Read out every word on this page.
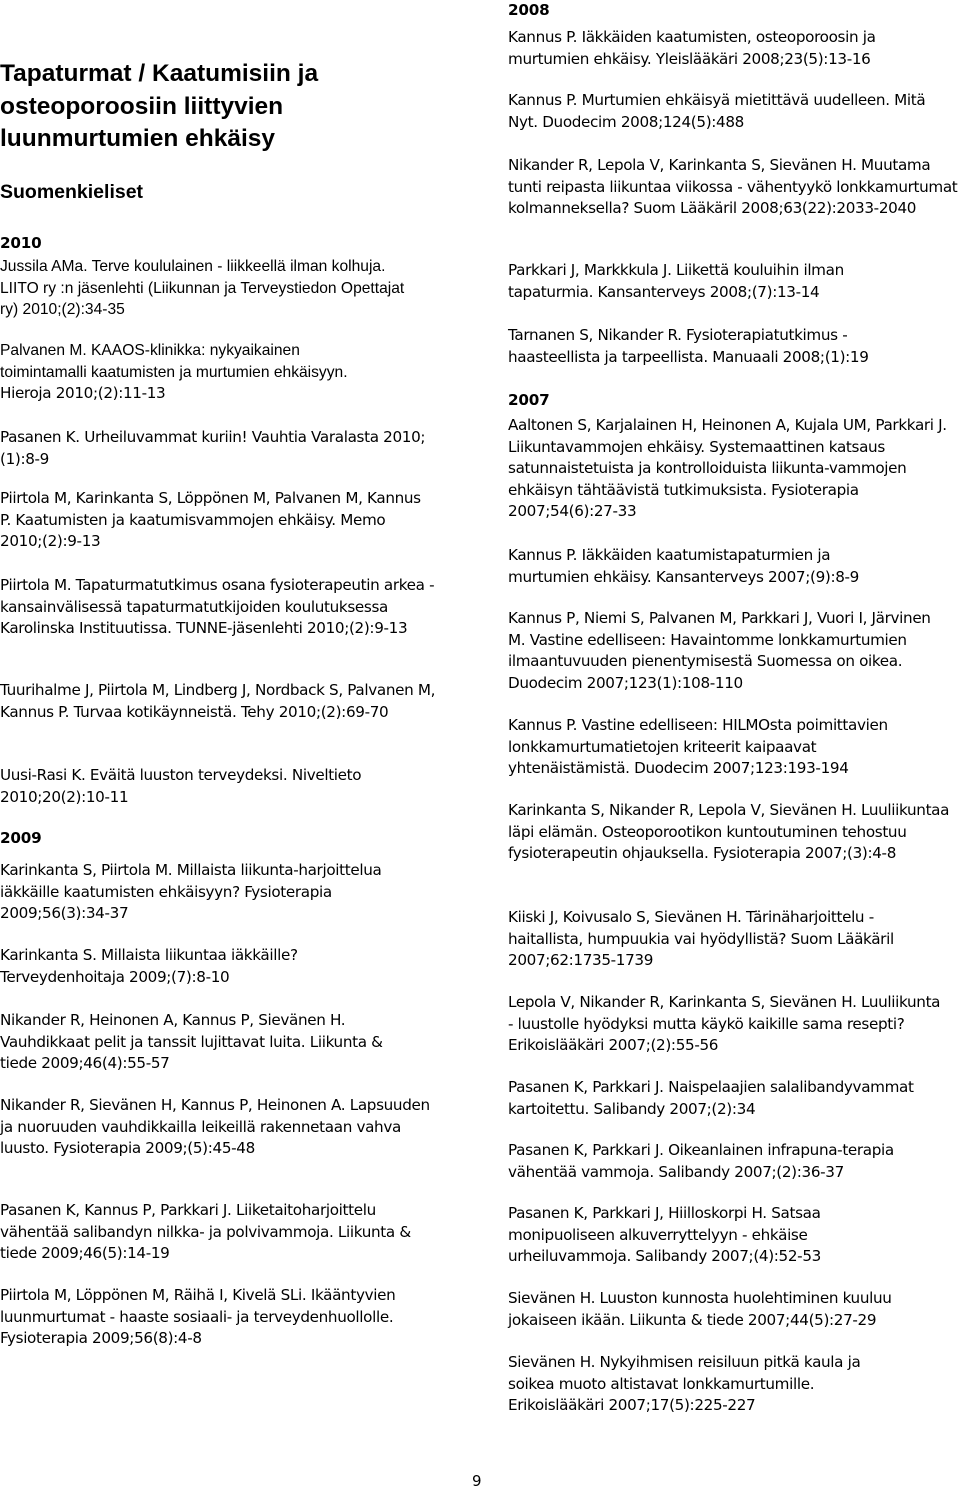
Tapaturmat / Kaatumisiin ja osteoporoosiin liittyvien luunmurtumien ehkäisy
Suomenkieliset
2010

Jussila AMa. Terve koululainen - liikkeellä ilman kolhuja. LIITO ry :n jäsenlehti (Liikunnan ja Terveystiedon Opettajat ry) 2010;(2):34-35

Palvanen M. KAAOS-klinikka: nykyaikainen toimintamalli kaatumisten ja murtumien ehkäisyyn. Hieroja 2010;(2):11-13

Pasanen K. Urheiluvammat kuriin! Vauhtia Varalasta 2010;(1):8-9

Piirtola M, Karinkanta S, Löppönen M, Palvanen M, Kannus P. Kaatumisten ja kaatumisvammojen ehkäisy. Memo 2010;(2):9-13

Piirtola M. Tapaturmatutkimus osana fysioterapeutin arkea - kansainvälisessä tapaturmatutkijoiden koulutuksessa Karolinska Instituutissa. TUNNE-jäsenlehti 2010;(2):9-13

Tuurihalme J, Piirtola M, Lindberg J, Nordback S, Palvanen M, Kannus P. Turvaa kotikäynneistä. Tehy 2010;(2):69-70

Uusi-Rasi K. Eväitä luuston terveydeksi. Niveltieto 2010;20(2):10-11

2009

Karinkanta S, Piirtola M. Millaista liikunta-harjoittelua iäkkäille kaatumisten ehkäisyyn? Fysioterapia 2009;56(3):34-37

Karinkanta S. Millaista liikuntaa iäkkäille? Terveydenhoitaja 2009;(7):8-10

Nikander R, Heinonen A, Kannus P, Sievänen H. Vauhdikkaat pelit ja tanssit lujittavat luita. Liikunta & tiede 2009;46(4):55-57

Nikander R, Sievänen H, Kannus P, Heinonen A. Lapsuuden ja nuoruuden vauhdikkailla leikeillä rakennetaan vahva luusto. Fysioterapia 2009;(5):45-48

Pasanen K, Kannus P, Parkkari J. Liiketaitoharjoittelu vähentää salibandyn nilkka- ja polvivammoja. Liikunta & tiede 2009;46(5):14-19

Piirtola M, Löppönen M, Räihä I, Kivelä SLi. Ikääntyvien luunmurtumat - haaste sosiaali- ja terveydenhuollolle. Fysioterapia 2009;56(8):4-8

2008

Kannus P. Iäkkäiden kaatumisten, osteoporoosin ja murtumien ehkäisy. Yleislääkäri 2008;23(5):13-16

Kannus P. Murtumien ehkäisyä mietittävä uudelleen. Mitä Nyt. Duodecim 2008;124(5):488

Nikander R, Lepola V, Karinkanta S, Sievänen H. Muutama tunti reipasta liikuntaa viikossa - vähentyykö lonkkamurtumat kolmanneksella? Suom Lääkäril 2008;63(22):2033-2040

Parkkari J, Markkkula J. Liikettä kouluihin ilman tapaturmia. Kansanterveys 2008;(7):13-14

Tarnanen S, Nikander R. Fysioterapiatutkimus - haasteellista ja tarpeellista. Manuaali 2008;(1):19

2007

Aaltonen S, Karjalainen H, Heinonen A, Kujala UM, Parkkari J. Liikuntavammojen ehkäisy. Systemaattinen katsaus satunnaistetuista ja kontrolloiduista liikunta-vammojen ehkäisyn tähtäävistä tutkimuksista. Fysioterapia 2007;54(6):27-33

Kannus P. Iäkkäiden kaatumistapaturmien ja murtumien ehkäisy. Kansanterveys 2007;(9):8-9

Kannus P, Niemi S, Palvanen M, Parkkari J, Vuori I, Järvinen M. Vastine edelliseen: Havaintomme lonkkamurtumien ilmaantuvuuden pienentymisestä Suomessa on oikea. Duodecim 2007;123(1):108-110

Kannus P. Vastine edelliseen: HILMOsta poimittavien lonkkamurtumatietojen kriteerit kaipaavat yhtenäistämistä. Duodecim 2007;123:193-194

Karinkanta S, Nikander R, Lepola V, Sievänen H. Luuliikuntaa läpi elämän. Osteoporootikon kuntoutuminen tehostuu fysioterapeutin ohjauksella. Fysioterapia 2007;(3):4-8

Kiiski J, Koivusalo S, Sievänen H. Tärinäharjoittelu - haitallista, humpuukia vai hyödyllistä? Suom Lääkäril 2007;62:1735-1739

Lepola V, Nikander R, Karinkanta S, Sievänen H. Luuliikunta - luustolle hyödyksi mutta käykö kaikille sama resepti? Erikoislääkäri 2007;(2):55-56

Pasanen K, Parkkari J. Naispelaajien salalibandyvammat kartoitettu. Salibandy 2007;(2):34

Pasanen K, Parkkari J. Oikeanlainen infrapuna-terapia vähentää vammoja. Salibandy 2007;(2):36-37

Pasanen K, Parkkari J, Hiilloskorpi H. Satsaa monipuoliseen alkuverryttelyyn - ehkäise urheiluvammoja. Salibandy 2007;(4):52-53

Sievänen H. Luuston kunnosta huolehtiminen kuuluu jokaiseen ikään. Liikunta & tiede 2007;44(5):27-29

Sievänen H. Nykyihmisen reisiluun pitkä kaula ja soikea muoto altistavat lonkkamurtumille. Erikoislääkäri 2007;17(5):225-227

9
